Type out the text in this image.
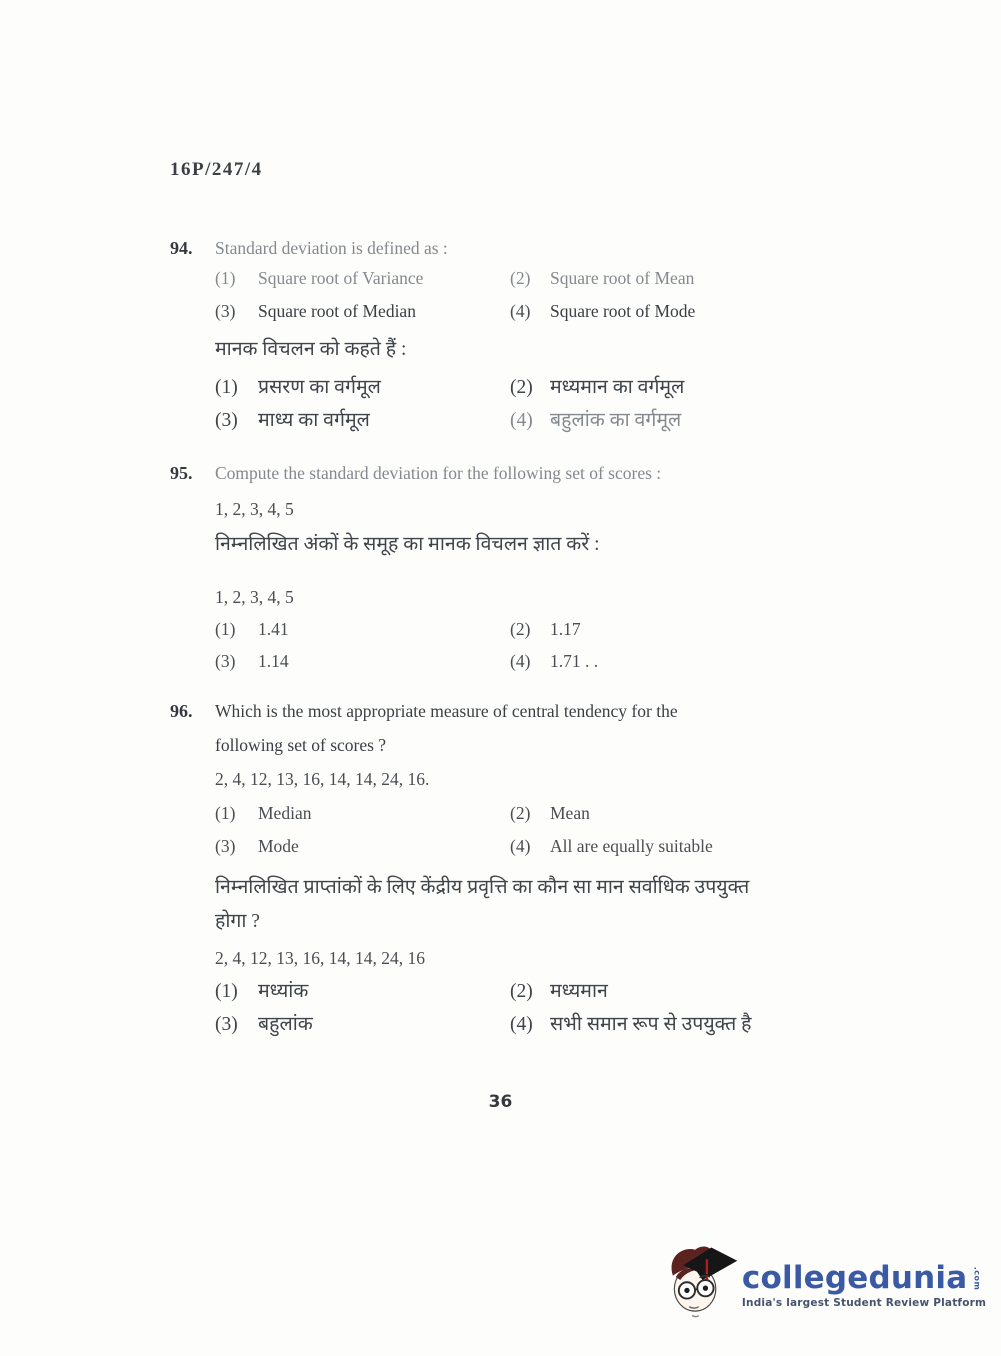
16P/247/4
94. Standard deviation is defined as :
(1)	Square root of Variance	(2)	Square root of Mean
(3)	Square root of Median	(4)	Square root of Mode
मानक विचलन को कहते हैं :
(1)	प्रसरण का वर्गमूल	(2) मध्यमान का वर्गमूल
(3)	माध्य का वर्गमूल	(4) बहुलांक का वर्गमूल
95. Compute the standard deviation for the following set of scores :
1, 2, 3, 4, 5
निम्नलिखित अंकों के समूह का मानक विचलन ज्ञात करें :
1, 2, 3, 4, 5
(1)	1.41	(2)	1.17
(3)	1.14	(4)	1.71 . .
96. Which is the most appropriate measure of central tendency for the
following set of scores ?
2, 4, 12, 13, 16, 14, 14, 24, 16.
(1)	Median	(2)	Mean
(3)	Mode	(4)	All are equally suitable
निम्नलिखित प्राप्तांकों के लिए केंद्रीय प्रवृत्ति का कौन सा मान सर्वाधिक उपयुक्त
होगा ?
2, 4, 12, 13, 16, 14, 14, 24, 16
(1)	मध्यांक	(2) मध्यमान
(3)	बहुलांक	(4) सभी समान रूप से उपयुक्त है
36
collegedunia .com
India's largest Student Review Platform
